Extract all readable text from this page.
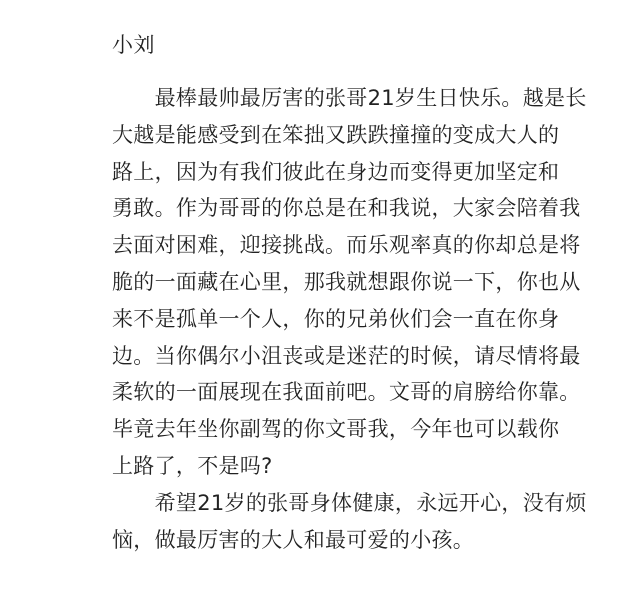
小刘

　　最棒最帅最厉害的张哥21岁生日快乐。越是长
大越是能感受到在笨拙又跌跌撞撞的变成大人的
路上，因为有我们彼此在身边而变得更加坚定和
勇敢。作为哥哥的你总是在和我说，大家会陪着我
去面对困难，迎接挑战。而乐观率真的你却总是将
脆的一面藏在心里，那我就想跟你说一下，你也从
来不是孤单一个人，你的兄弟伙们会一直在你身
边。当你偶尔小沮丧或是迷茫的时候，请尽情将最
柔软的一面展现在我面前吧。文哥的肩膀给你靠。
毕竟去年坐你副驾的你文哥我，今年也可以载你
上路了，不是吗?

　　希望21岁的张哥身体健康，永远开心，没有烦
恼，做最厉害的大人和最可爱的小孩。
